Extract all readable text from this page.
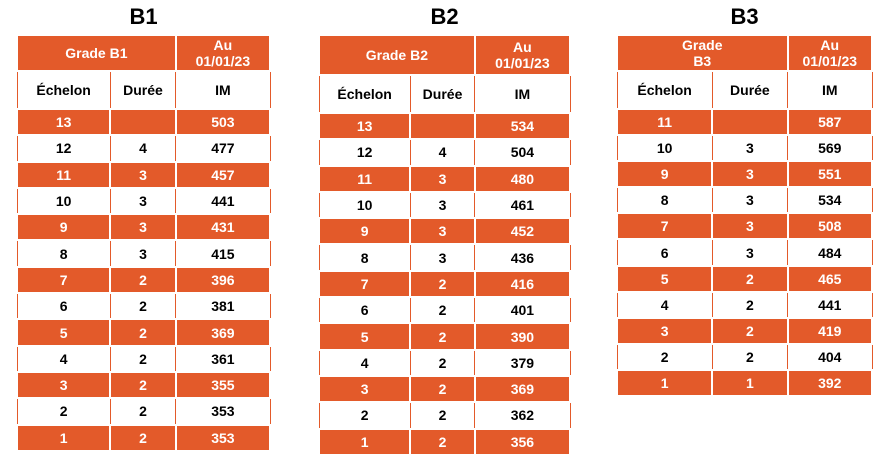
B1
Grade B1		Au
01/01/23
Échelon	Durée	IM
13		503
12	4	477
11	3	457
10	3	441
9	3	431
8	3	415
7	2	396
6	2	381
5	2	369
4	2	361
3	2	355
2	2	353
1	2	353
B2
Grade B2		Au
01/01/23
Échelon	Durée	IM
13		534
12	4	504
11	3	480
10	3	461
9	3	452
8	3	436
7	2	416
6	2	401
5	2	390
4	2	379
3	2	369
2	2	362
1	2	356
B3
Grade
B3		Au
01/01/23
Échelon	Durée	IM
11		587
10	3	569
9	3	551
8	3	534
7	3	508
6	3	484
5	2	465
4	2	441
3	2	419
2	2	404
1	1	392
